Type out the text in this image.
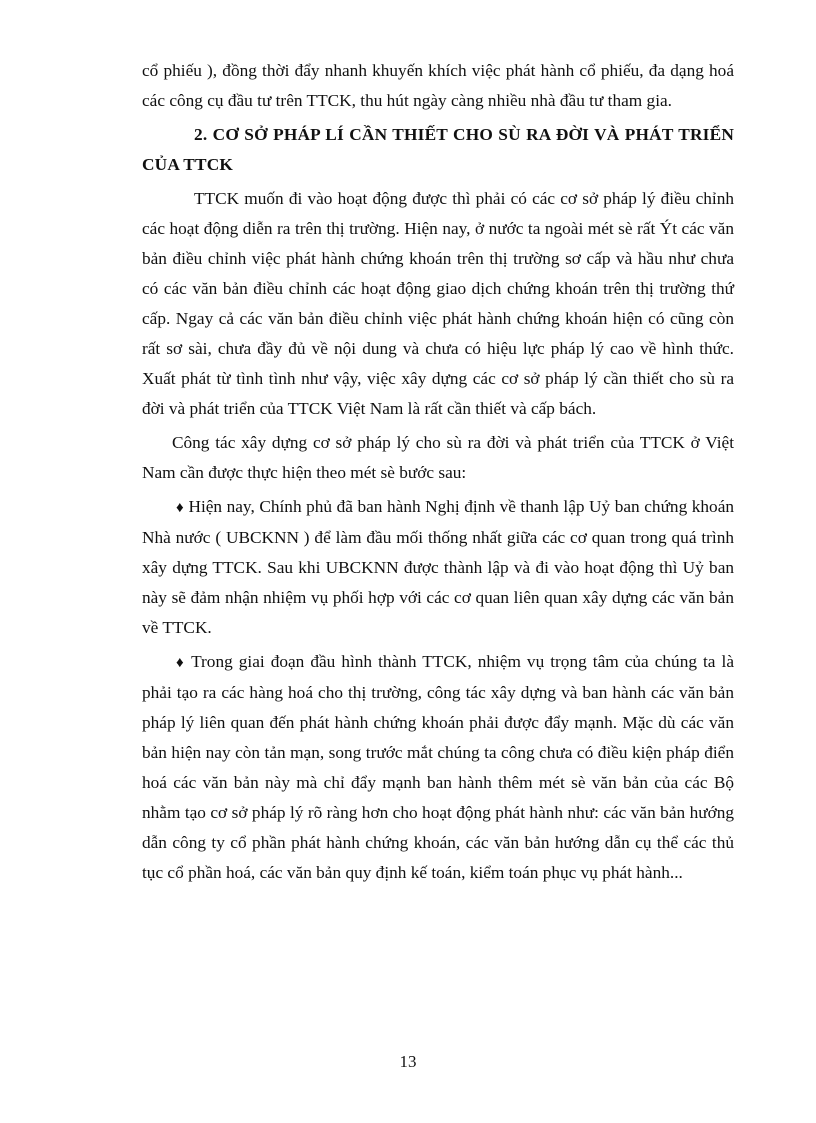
cổ phiếu ), đồng thời đẩy nhanh khuyến khích việc phát hành cổ phiếu, đa dạng hoá các công cụ đầu tư trên TTCK, thu hút ngày càng nhiều nhà đầu tư tham gia.

2. CƠ SỞ PHÁP LÍ CẦN THIẾT CHO SÙ RA ĐỜI VÀ PHÁT TRIỂN CỦA TTCK

TTCK muốn đi vào hoạt động được thì phải có các cơ sở pháp lý điều chỉnh các hoạt động diễn ra trên thị trường. Hiện nay, ở nước ta ngoài mét sè rất Ýt các văn bản điều chỉnh việc phát hành chứng khoán trên thị trường sơ cấp và hầu như chưa có các văn bản điều chỉnh các hoạt động giao dịch chứng khoán trên thị trường thứ cấp. Ngay cả các văn bản điều chỉnh việc phát hành chứng khoán hiện có cũng còn rất sơ sài, chưa đầy đủ về nội dung và chưa có hiệu lực pháp lý cao về hình thức. Xuất phát từ tình tình như vậy, việc xây dựng các cơ sở pháp lý cần thiết cho sù ra đời và phát triển của TTCK Việt Nam là rất cần thiết và cấp bách.

Công tác xây dựng cơ sở pháp lý cho sù ra đời và phát triển của TTCK ở Việt Nam cần được thực hiện theo mét sè bước sau:

♦ Hiện nay, Chính phủ đã ban hành Nghị định về thanh lập Uỷ ban chứng khoán Nhà nước ( UBCKNN ) để làm đầu mối thống nhất giữa các cơ quan trong quá trình xây dựng TTCK. Sau khi UBCKNN được thành lập và đi vào hoạt động thì Uỷ ban này sẽ đảm nhận nhiệm vụ phối hợp với các cơ quan liên quan xây dựng các văn bản về TTCK.

♦ Trong giai đoạn đầu hình thành TTCK, nhiệm vụ trọng tâm của chúng ta là phải tạo ra các hàng hoá cho thị trường, công tác xây dựng và ban hành các văn bản pháp lý liên quan đến phát hành chứng khoán phải được đẩy mạnh. Mặc dù các văn bản hiện nay còn tản mạn, song trước mắt chúng ta công chưa có điều kiện pháp điển hoá các văn bản này mà chỉ đẩy mạnh ban hành thêm mét sè văn bản của các Bộ nhằm tạo cơ sở pháp lý rõ ràng hơn cho hoạt động phát hành như: các văn bản hướng dẫn công ty cổ phần phát hành chứng khoán, các văn bản hướng dẫn cụ thể các thủ tục cổ phần hoá, các văn bản quy định kế toán, kiểm toán phục vụ phát hành...

13
